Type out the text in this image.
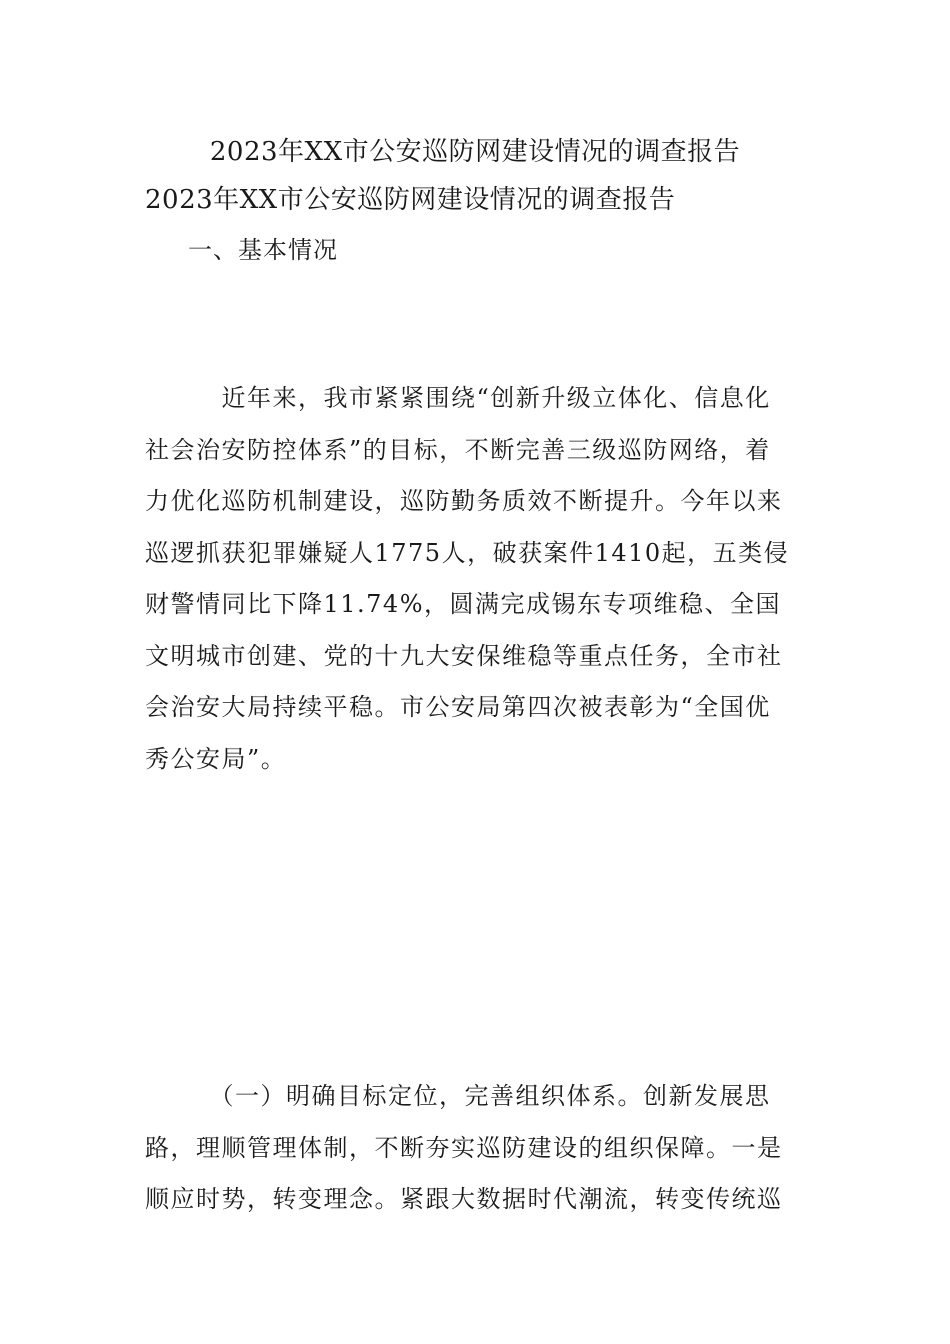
2023年XX市公安巡防网建设情况的调查报告
2023年XX市公安巡防网建设情况的调查报告
一、基本情况

　　　近年来，我市紧紧围绕“创新升级立体化、信息化
社会治安防控体系”的目标，不断完善三级巡防网络，着
力优化巡防机制建设，巡防勤务质效不断提升。今年以来
巡逻抓获犯罪嫌疑人1775人，破获案件1410起，五类侵
财警情同比下降11.74%，圆满完成锡东专项维稳、全国
文明城市创建、党的十九大安保维稳等重点任务，全市社
会治安大局持续平稳。市公安局第四次被表彰为“全国优
秀公安局”。

　　　（一）明确目标定位，完善组织体系。创新发展思
路，理顺管理体制，不断夯实巡防建设的组织保障。一是
顺应时势，转变理念。紧跟大数据时代潮流，转变传统巡
